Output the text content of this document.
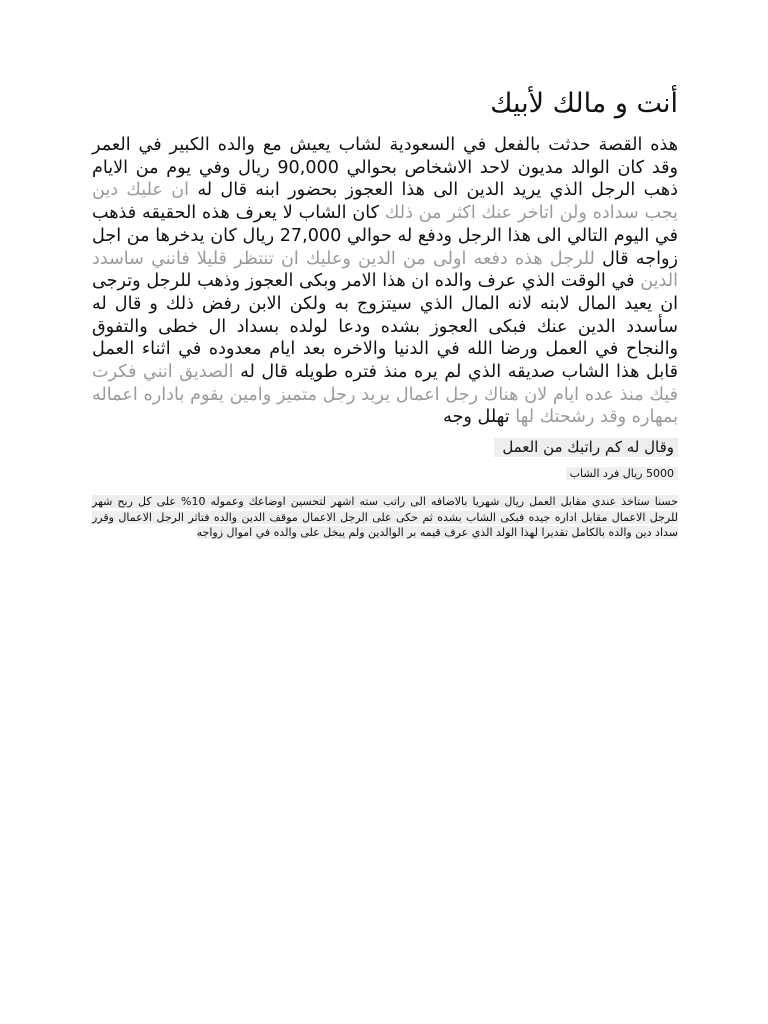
أنت و مالك لأبيك

هذه القصة حدثت بالفعل في السعودية لشاب يعيش مع والده الكبير في العمر وقد كان الوالد مديون لاحد الاشخاص بحوالي 90,000 ريال وفي يوم من الايام ذهب الرجل الذي يريد الدين الى هذا العجوز بحضور ابنه قال له ان عليك دين يجب سداده ولن اتاخر عنك اكثر من ذلك كان الشاب لا يعرف هذه الحقيقه فذهب في اليوم التالي الى هذا الرجل ودفع له حوالي 27,000 ريال كان يدخرها من اجل زواجه قال للرجل هذه دفعه اولى من الدين وعليك ان تنتظر قليلا فانني ساسدد الدين في الوقت الذي عرف والده ان هذا الامر وبكى العجوز وذهب للرجل وترجى ان يعيد المال لابنه لانه المال الذي سيتزوج به ولكن الابن رفض ذلك و قال له سأسدد الدين عنك فبكى العجوز بشده ودعا لولده بسداد ال خطى والتفوق والنجاح في العمل ورضا الله في الدنيا والاخره بعد ايام معدوده في اثناء العمل قابل هذا الشاب صديقه الذي لم يره منذ فتره طويله قال له الصديق انني فكرت فيك منذ عده ايام لان هناك رجل اعمال يريد رجل متميز وامين يقوم باداره اعماله بمهاره وقد رشحتك لها تهلل وجه

وقال له كم راتبك من العمل
5000 ريال فرد الشاب

حسنا ستاخذ عندي مقابل العمل ريال شهريا بالاضافه الى راتب سته اشهر لتحسين اوضاعك وعموله 10% على كل ربح شهر للرجل الاعمال مقابل اداره جيده فبكى الشاب بشده ثم حكى على الرجل الاعمال موقف الدين والده فتاثر الرجل الاعمال وقرر سداد دين والده بالكامل تقديرا لهذا الولد الذي عرف قيمه بر الوالدين ولم يبخل على والده في اموال زواجه
